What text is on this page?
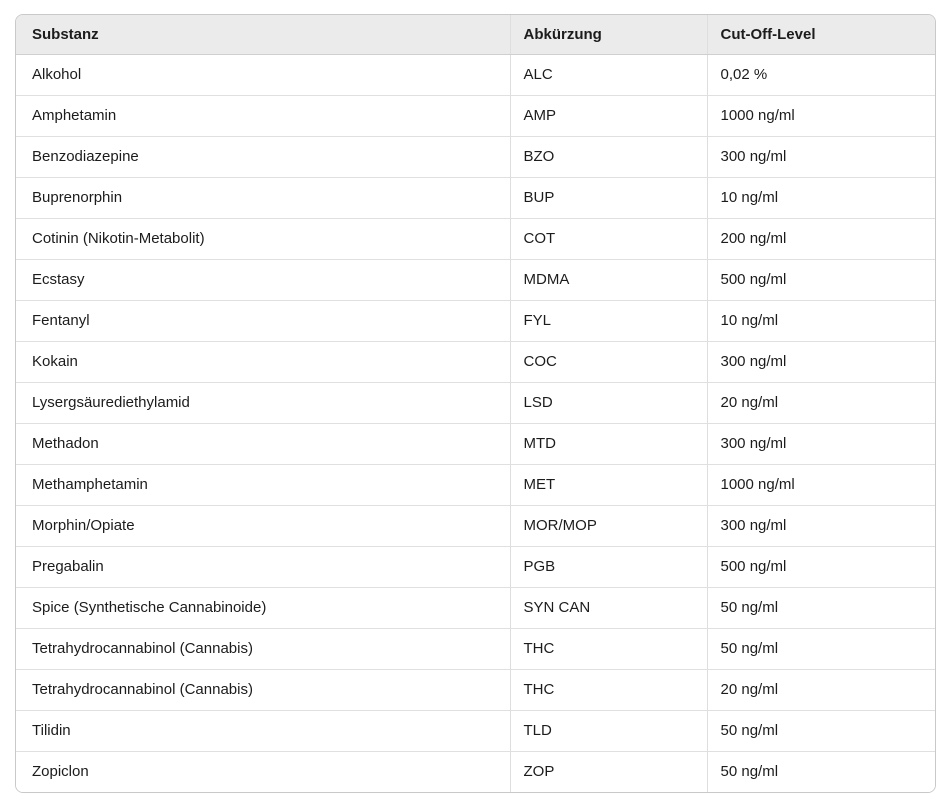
Substanz	Abkürzung	Cut-Off-Level
Alkohol	ALC	0,02 %
Amphetamin	AMP	1000 ng/ml
Benzodiazepine	BZO	300 ng/ml
Buprenorphin	BUP	10 ng/ml
Cotinin (Nikotin-Metabolit)	COT	200 ng/ml
Ecstasy	MDMA	500 ng/ml
Fentanyl	FYL	10 ng/ml
Kokain	COC	300 ng/ml
Lysergsäurediethylamid	LSD	20 ng/ml
Methadon	MTD	300 ng/ml
Methamphetamin	MET	1000 ng/ml
Morphin/Opiate	MOR/MOP	300 ng/ml
Pregabalin	PGB	500 ng/ml
Spice (Synthetische Cannabinoide)	SYN CAN	50 ng/ml
Tetrahydrocannabinol (Cannabis)	THC	50 ng/ml
Tetrahydrocannabinol (Cannabis)	THC	20 ng/ml
Tilidin	TLD	50 ng/ml
Zopiclon	ZOP	50 ng/ml
